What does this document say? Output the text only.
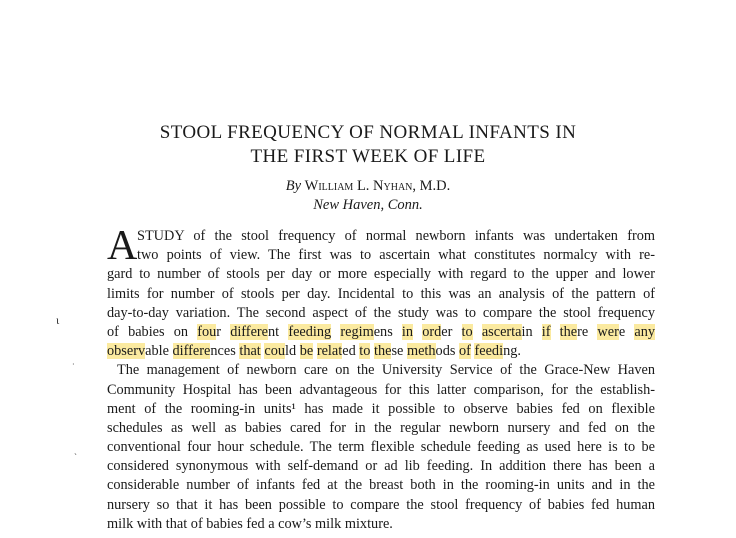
STOOL FREQUENCY OF NORMAL INFANTS IN
THE FIRST WEEK OF LIFE
By William L. Nyhan, M.D.
New Haven, Conn.
ι
·
ˋ
A STUDY of the stool frequency of normal newborn infants was undertaken from
two points of view. The first was to ascertain what constitutes normalcy with re-
gard to number of stools per day or more especially with regard to the upper and lower
limits for number of stools per day. Incidental to this was an analysis of the pattern of
day-to-day variation. The second aspect of the study was to compare the stool frequency
of babies on four different feeding regimens in order to ascertain if there were any
observable differences that could be related to these methods of feeding.
The management of newborn care on the University Service of the Grace-New Haven
Community Hospital has been advantageous for this latter comparison, for the establish-
ment of the rooming-in units¹ has made it possible to observe babies fed on flexible
schedules as well as babies cared for in the regular newborn nursery and fed on the
conventional four hour schedule. The term flexible schedule feeding as used here is to be
considered synonymous with self-demand or ad lib feeding. In addition there has been a
considerable number of infants fed at the breast both in the rooming-in units and in the
nursery so that it has been possible to compare the stool frequency of babies fed human
milk with that of babies fed a cow’s milk mixture.
